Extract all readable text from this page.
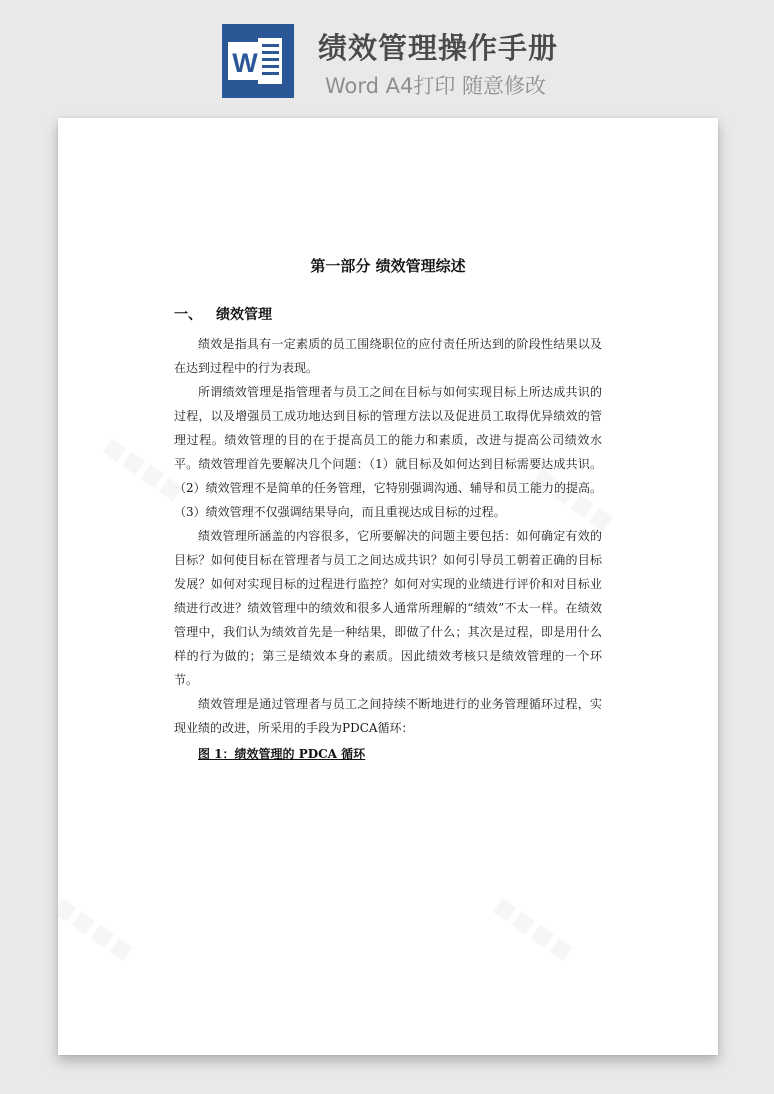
W 绩效管理操作手册
Word A4打印 随意修改
第一部分 绩效管理综述
一、 绩效管理

绩效是指具有一定素质的员工围绕职位的应付责任所达到的阶段性结果以及在达到过程中的行为表现。

所谓绩效管理是指管理者与员工之间在目标与如何实现目标上所达成共识的过程，以及增强员工成功地达到目标的管理方法以及促进员工取得优异绩效的管理过程。绩效管理的目的在于提高员工的能力和素质，改进与提高公司绩效水平。绩效管理首先要解决几个问题：（1）就目标及如何达到目标需要达成共识。（2）绩效管理不是简单的任务管理，它特别强调沟通、辅导和员工能力的提高。（3）绩效管理不仅强调结果导向，而且重视达成目标的过程。

绩效管理所涵盖的内容很多，它所要解决的问题主要包括：如何确定有效的目标？如何使目标在管理者与员工之间达成共识？如何引导员工朝着正确的目标发展？如何对实现目标的过程进行监控？如何对实现的业绩进行评价和对目标业绩进行改进？绩效管理中的绩效和很多人通常所理解的“绩效”不太一样。在绩效管理中，我们认为绩效首先是一种结果，即做了什么；其次是过程，即是用什么样的行为做的；第三是绩效本身的素质。因此绩效考核只是绩效管理的一个环节。

绩效管理是通过管理者与员工之间持续不断地进行的业务管理循环过程，实现业绩的改进，所采用的手段为PDCA循环：

图 1：绩效管理的 PDCA 循环
